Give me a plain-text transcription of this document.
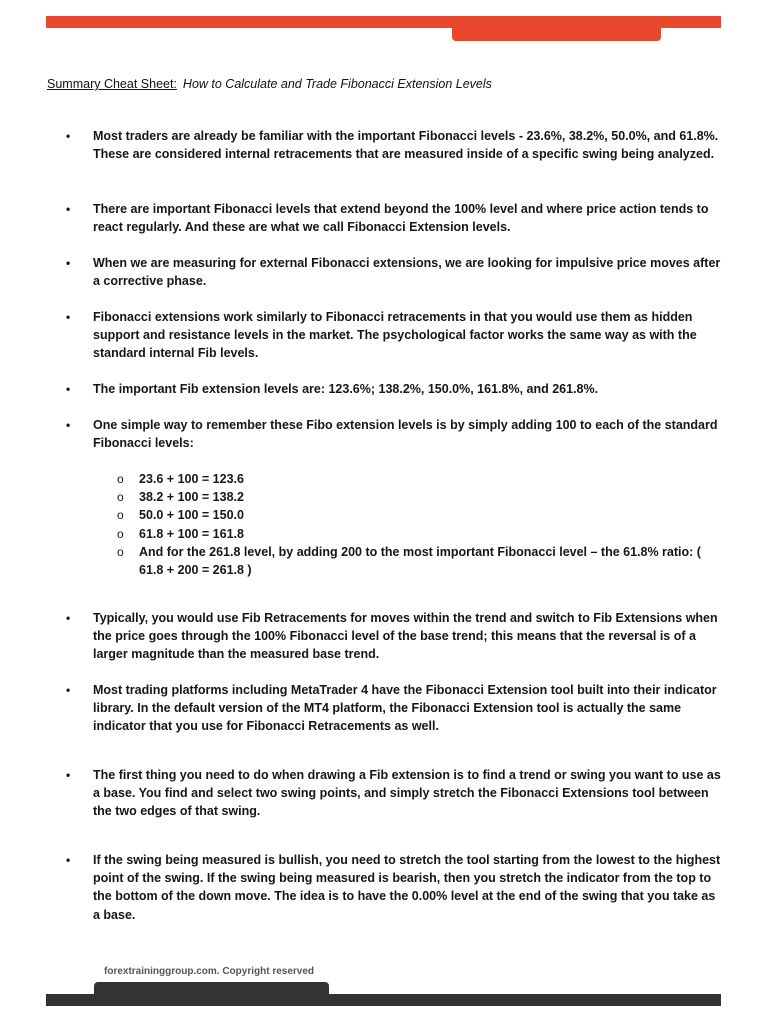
Summary Cheat Sheet: How to Calculate and Trade Fibonacci Extension Levels
• Most traders are already be familiar with the important Fibonacci levels - 23.6%, 38.2%, 50.0%, and 61.8%. These are considered internal retracements that are measured inside of a specific swing being analyzed.
• There are important Fibonacci levels that extend beyond the 100% level and where price action tends to react regularly. And these are what we call Fibonacci Extension levels.
• When we are measuring for external Fibonacci extensions, we are looking for impulsive price moves after a corrective phase.
• Fibonacci extensions work similarly to Fibonacci retracements in that you would use them as hidden support and resistance levels in the market. The psychological factor works the same way as with the standard internal Fib levels.
• The important Fib extension levels are: 123.6%; 138.2%, 150.0%, 161.8%, and 261.8%.
• One simple way to remember these Fibo extension levels is by simply adding 100 to each of the standard Fibonacci levels:
o 23.6 + 100 = 123.6
o 38.2 + 100 = 138.2
o 50.0 + 100 = 150.0
o 61.8 + 100 = 161.8
o And for the 261.8 level, by adding 200 to the most important Fibonacci level – the 61.8% ratio: ( 61.8 + 200 = 261.8 )
• Typically, you would use Fib Retracements for moves within the trend and switch to Fib Extensions when the price goes through the 100% Fibonacci level of the base trend; this means that the reversal is of a larger magnitude than the measured base trend.
• Most trading platforms including MetaTrader 4 have the Fibonacci Extension tool built into their indicator library. In the default version of the MT4 platform, the Fibonacci Extension tool is actually the same indicator that you use for Fibonacci Retracements as well.
• The first thing you need to do when drawing a Fib extension is to find a trend or swing you want to use as a base. You find and select two swing points, and simply stretch the Fibonacci Extensions tool between the two edges of that swing.
• If the swing being measured is bullish, you need to stretch the tool starting from the lowest to the highest point of the swing. If the swing being measured is bearish, then you stretch the indicator from the top to the bottom of the down move. The idea is to have the 0.00% level at the end of the swing that you take as a base.
forextraininggroup.com. Copyright reserved
